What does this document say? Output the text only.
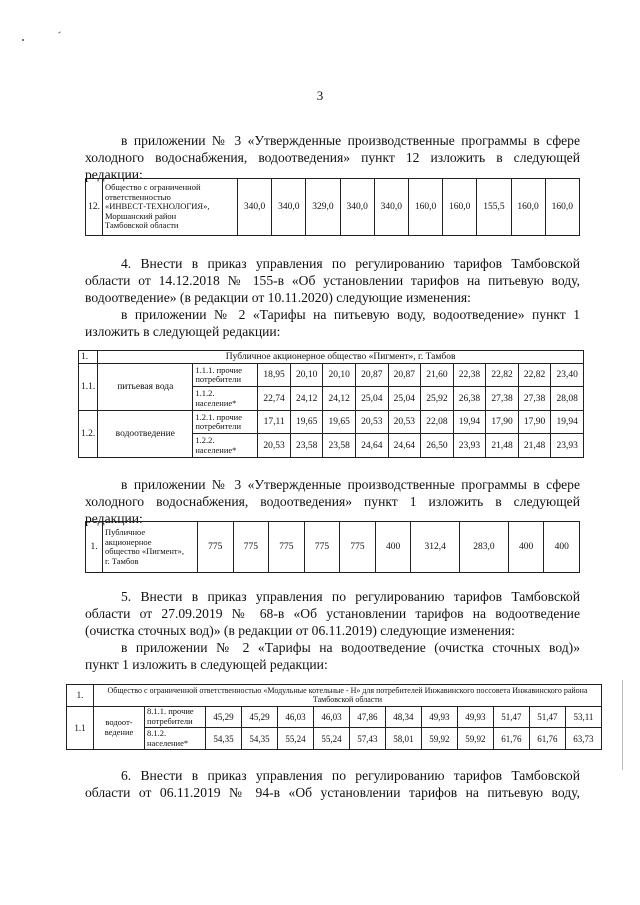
3
в приложении № 3 «Утвержденные производственные программы в сфере
холодного водоснабжения, водоотведения» пункт 12 изложить в следующей
редакции:
12.	Общество с ограниченной
ответственностью
«ИНВЕСТ-ТЕХНОЛОГИЯ»,
Моршанский район
Тамбовской области	340,0	340,0	329,0	340,0	340,0	160,0	160,0	155,5	160,0	160,0
4. Внести в приказ управления по регулированию тарифов Тамбовской
области от 14.12.2018 № 155-в «Об установлении тарифов на питьевую воду,
водоотведение» (в редакции от 10.11.2020) следующие изменения:
в приложении № 2 «Тарифы на питьевую воду, водоотведение» пункт 1
изложить в следующей редакции:
1.	Публичное акционерное общество «Пигмент», г. Тамбов											
1.1.	питьевая вода	1.1.1. прочие потребители	18,95	20,10	20,10	20,87	20,87	21,60	22,38	22,82	22,82	23,40
		1.1.2. население*	22,74	24,12	24,12	25,04	25,04	25,92	26,38	27,38	27,38	28,08
1.2.	водоотведение	1.2.1. прочие потребители	17,11	19,65	19,65	20,53	20,53	22,08	19,94	17,90	17,90	19,94
		1.2.2. население*	20,53	23,58	23,58	24,64	24,64	26,50	23,93	21,48	21,48	23,93
в приложении № 3 «Утвержденные производственные программы в сфере
холодного водоснабжения, водоотведения» пункт 1 изложить в следующей
редакции:
1.	Публичное
акционерное
общество «Пигмент»,
г. Тамбов	775	775	775	775	775	400	312,4	283,0	400	400
5. Внести в приказ управления по регулированию тарифов Тамбовской
области от 27.09.2019 № 68-в «Об установлении тарифов на водоотведение
(очистка сточных вод)» (в редакции от 06.11.2019) следующие изменения:
в приложении № 2 «Тарифы на водоотведение (очистка сточных вод)»
пункт 1 изложить в следующей редакции:
1.	Общество с ограниченной ответственностью «Модульные котельные - Н» для потребителей Инжавинского поссовета Инжавинского района Тамбовской области												
1.1	водоот-ведение	8.1.1. прочие потребители	45,29	45,29	46,03	46,03	47,86	48,34	49,93	49,93	51,47	51,47	53,11
		8.1.2. население*	54,35	54,35	55,24	55,24	57,43	58,01	59,92	59,92	61,76	61,76	63,73
6. Внести в приказ управления по регулированию тарифов Тамбовской
области от 06.11.2019 № 94-в «Об установлении тарифов на питьевую воду,
